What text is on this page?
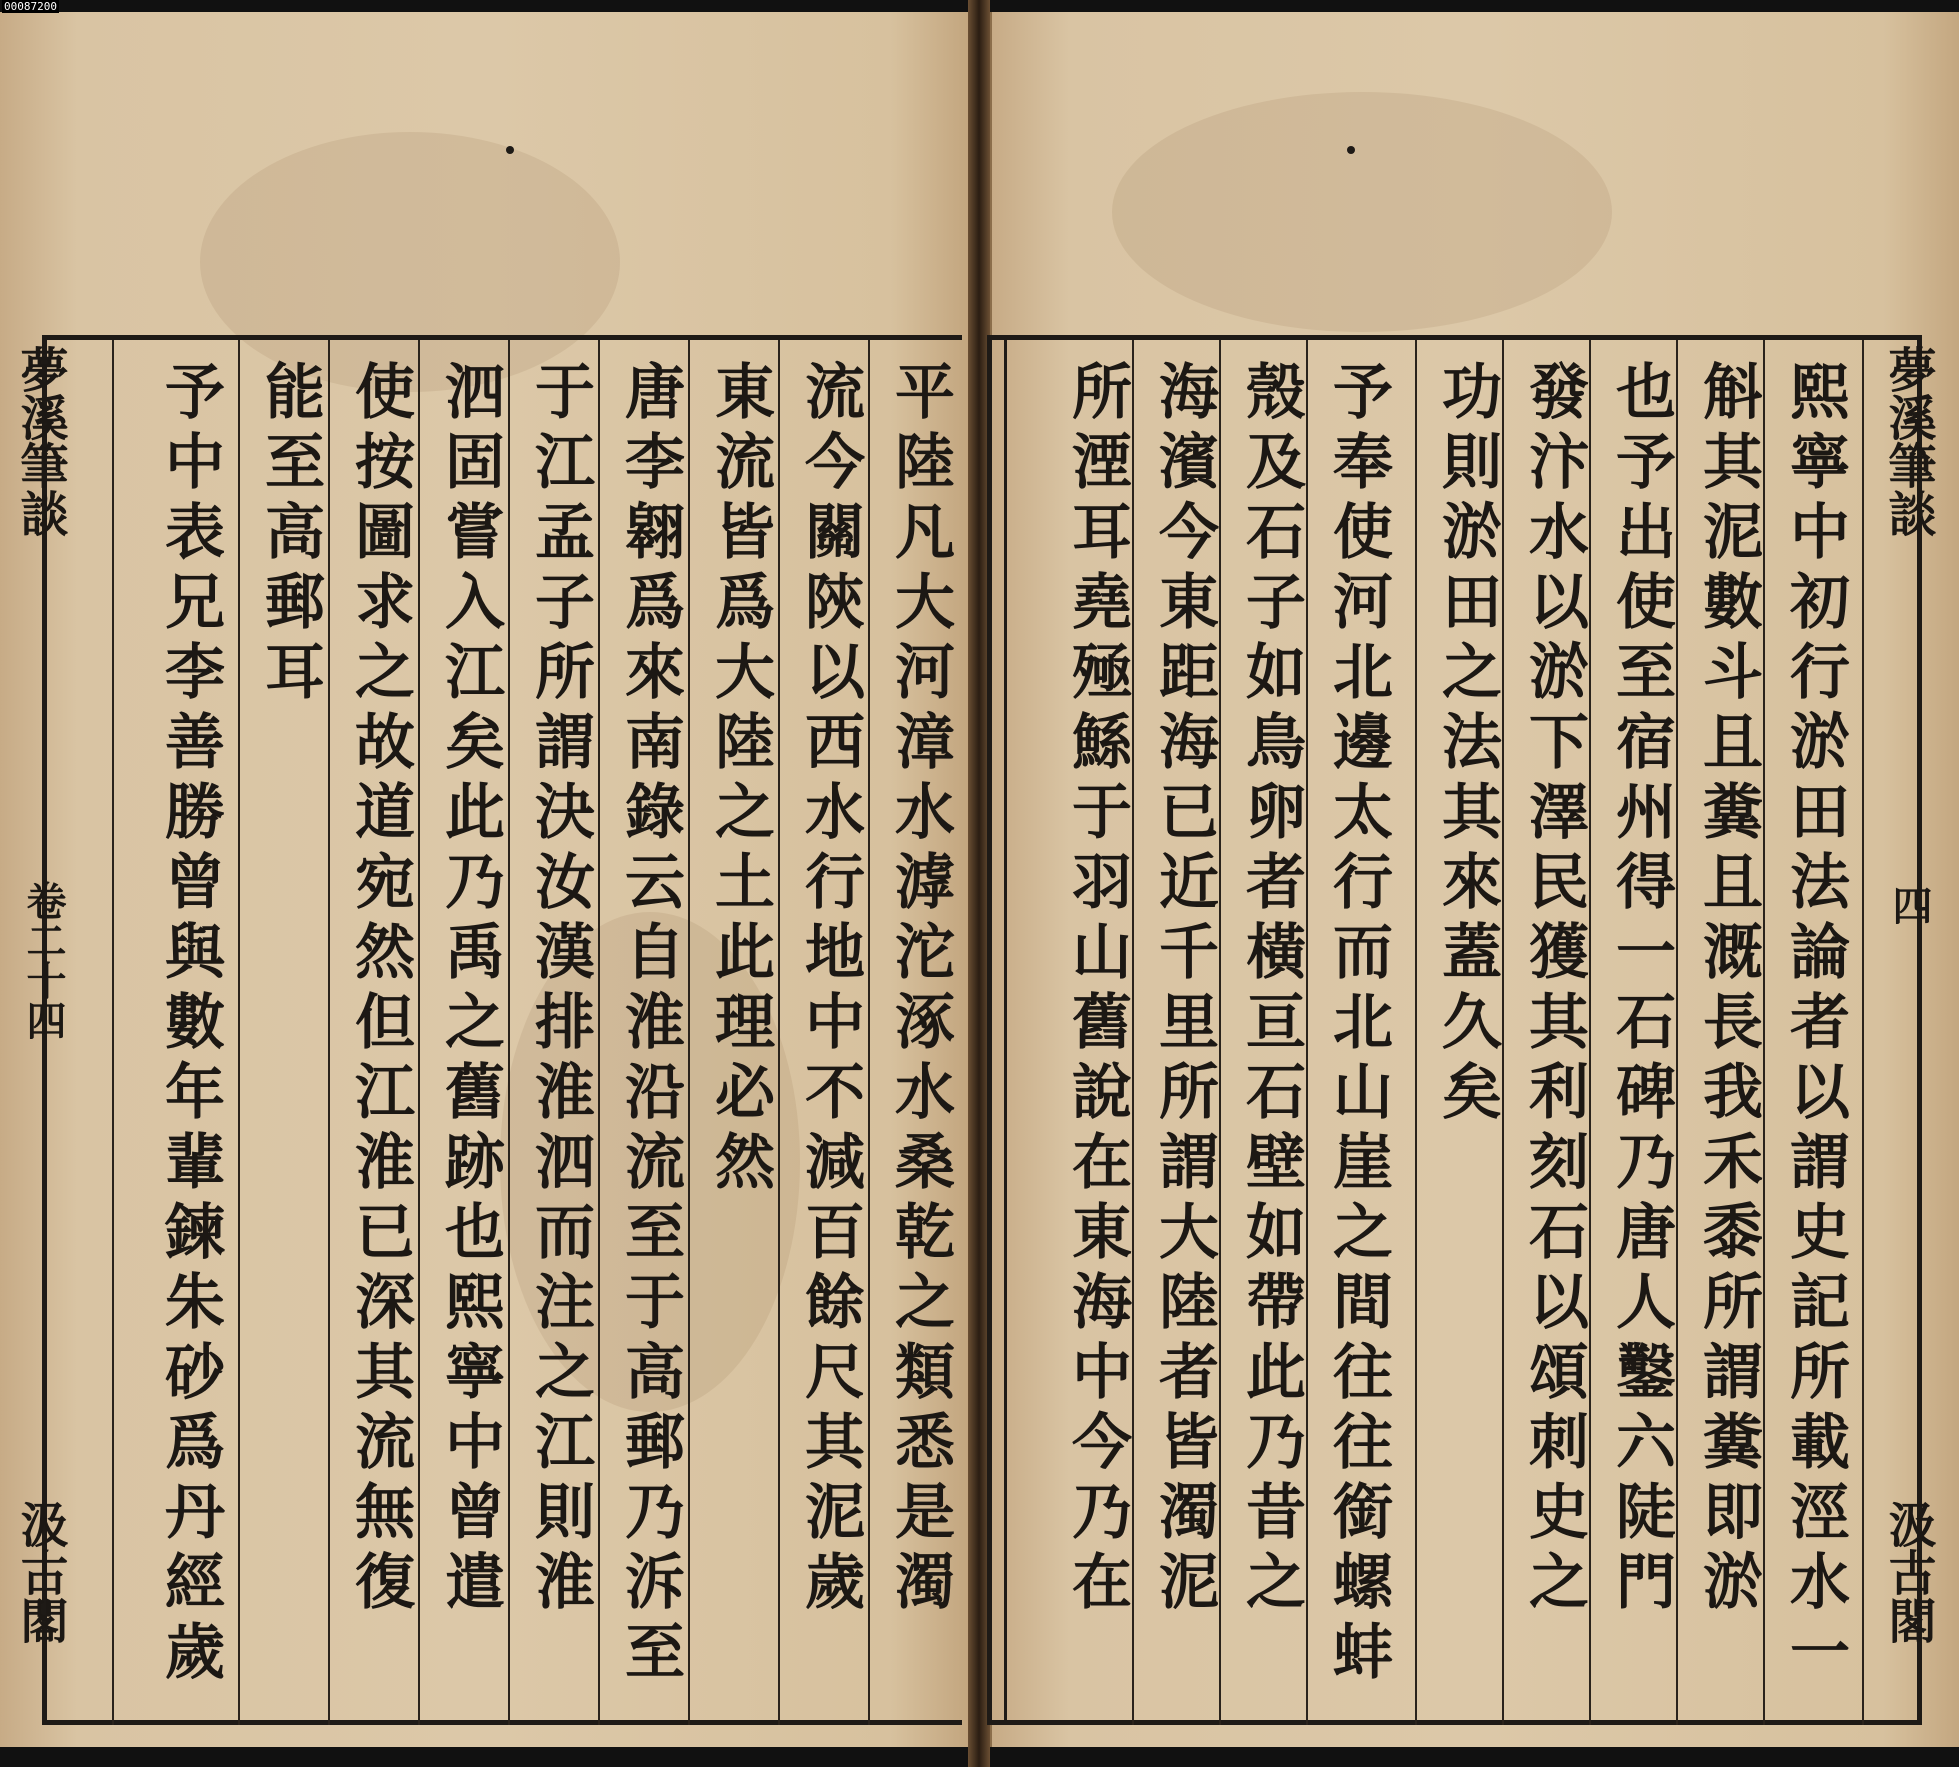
00087200
夢溪筆談
卷二十四
汲古閣	平陸凡大河漳水滹沱涿水桑乾之類悉是濁
流今關陝以西水行地中不減百餘尺其泥歲
東流皆爲大陸之土此理必然
唐李翱爲來南錄云自淮沿流至于高郵乃泝至
于江孟子所謂決汝漢排淮泗而注之江則淮
泗固嘗入江矣此乃禹之舊跡也熙寧中曾遣
使按圖求之故道宛然但江淮已深其流無復
能至高郵耳
予中表兄李善勝曾與數年輩鍊朱砂爲丹經歲	夢溪筆談
四
汲古閣
熙寧中初行淤田法論者以謂史記所載涇水一
斛其泥數斗且糞且溉長我禾黍所謂糞即淤
也予出使至宿州得一石碑乃唐人鑿六陡門
發汴水以淤下澤民獲其利刻石以頌刺史之
功則淤田之法其來蓋久矣
予奉使河北邊太行而北山崖之間往往銜螺蚌
殼及石子如鳥卵者橫亘石壁如帶此乃昔之
海濱今東距海已近千里所謂大陸者皆濁泥
所湮耳堯殛鯀于羽山舊說在東海中今乃在
